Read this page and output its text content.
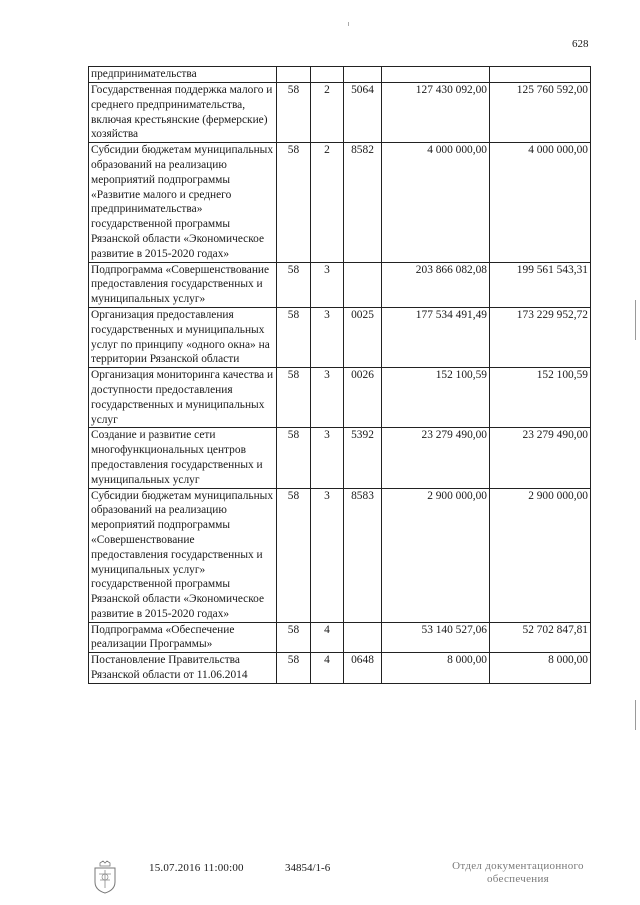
628
предпринимательства					
Государственная поддержка малого и среднего предпринимательства, включая крестьянские (фермерские) хозяйства	58	2	5064	127 430 092,00	125 760 592,00
Субсидии бюджетам муниципальных образований на реализацию мероприятий подпрограммы «Развитие малого и среднего предпринимательства» государственной программы Рязанской области «Экономическое развитие в 2015-2020 годах»	58	2	8582	4 000 000,00	4 000 000,00
Подпрограмма «Совершенствование предоставления государственных и муниципальных услуг»	58	3		203 866 082,08	199 561 543,31
Организация предоставления государственных и муниципальных услуг по принципу «одного окна» на территории Рязанской области	58	3	0025	177 534 491,49	173 229 952,72
Организация мониторинга качества и доступности предоставления государственных и муниципальных услуг	58	3	0026	152 100,59	152 100,59
Создание и развитие сети многофункциональных центров предоставления государственных и муниципальных услуг	58	3	5392	23 279 490,00	23 279 490,00
Субсидии бюджетам муниципальных образований на реализацию мероприятий подпрограммы «Совершенствование предоставления государственных и муниципальных услуг» государственной программы Рязанской области «Экономическое развитие в 2015-2020 годах»	58	3	8583	2 900 000,00	2 900 000,00
Подпрограмма «Обеспечение реализации Программы»	58	4		53 140 527,06	52 702 847,81
Постановление Правительства Рязанской области от 11.06.2014	58	4	0648	8 000,00	8 000,00
15.07.2016 11:00:00	34854/1-6	Отдел документационного
обеспечения
